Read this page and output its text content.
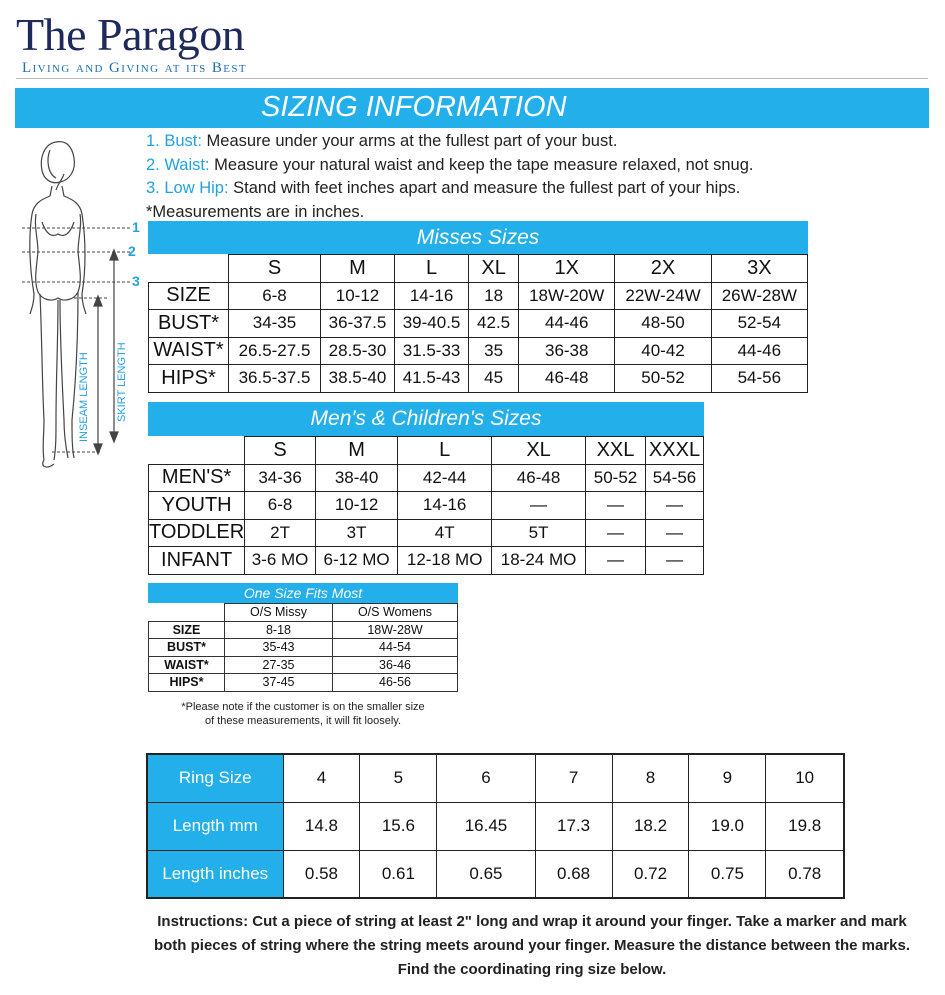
The Paragon
Living and Giving at its Best
SIZING INFORMATION
1. Bust: Measure under your arms at the fullest part of your bust.
2. Waist: Measure your natural waist and keep the tape measure relaxed, not snug.
3. Low Hip: Stand with feet inches apart and measure the fullest part of your hips.
*Measurements are in inches.
1
2
3
INSEAM LENGTH SKIRT LENGTH
Misses Sizes
	S	M	L	XL	1X	2X	3X
SIZE	6-8	10-12	14-16	18	18W-20W	22W-24W	26W-28W
BUST*	34-35	36-37.5	39-40.5	42.5	44-46	48-50	52-54
WAIST*	26.5-27.5	28.5-30	31.5-33	35	36-38	40-42	44-46
HIPS*	36.5-37.5	38.5-40	41.5-43	45	46-48	50-52	54-56
Men's & Children's Sizes
	S	M	L	XL	XXL	XXXL
MEN'S*	34-36	38-40	42-44	46-48	50-52	54-56
YOUTH	6-8	10-12	14-16	—	—	—
TODDLER	2T	3T	4T	5T	—	—
INFANT	3-6 MO	6-12 MO	12-18 MO	18-24 MO	—	—
One Size Fits Most
	O/S Missy	O/S Womens
SIZE	8-18	18W-28W
BUST*	35-43	44-54
WAIST*	27-35	36-46
HIPS*	37-45	46-56
*Please note if the customer is on the smaller size
of these measurements, it will fit loosely.
Ring Size	4	5	6	7	8	9	10
Length mm	14.8	15.6	16.45	17.3	18.2	19.0	19.8
Length inches	0.58	0.61	0.65	0.68	0.72	0.75	0.78
Instructions: Cut a piece of string at least 2" long and wrap it around your finger. Take a marker and mark
both pieces of string where the string meets around your finger. Measure the distance between the marks.
Find the coordinating ring size below.
